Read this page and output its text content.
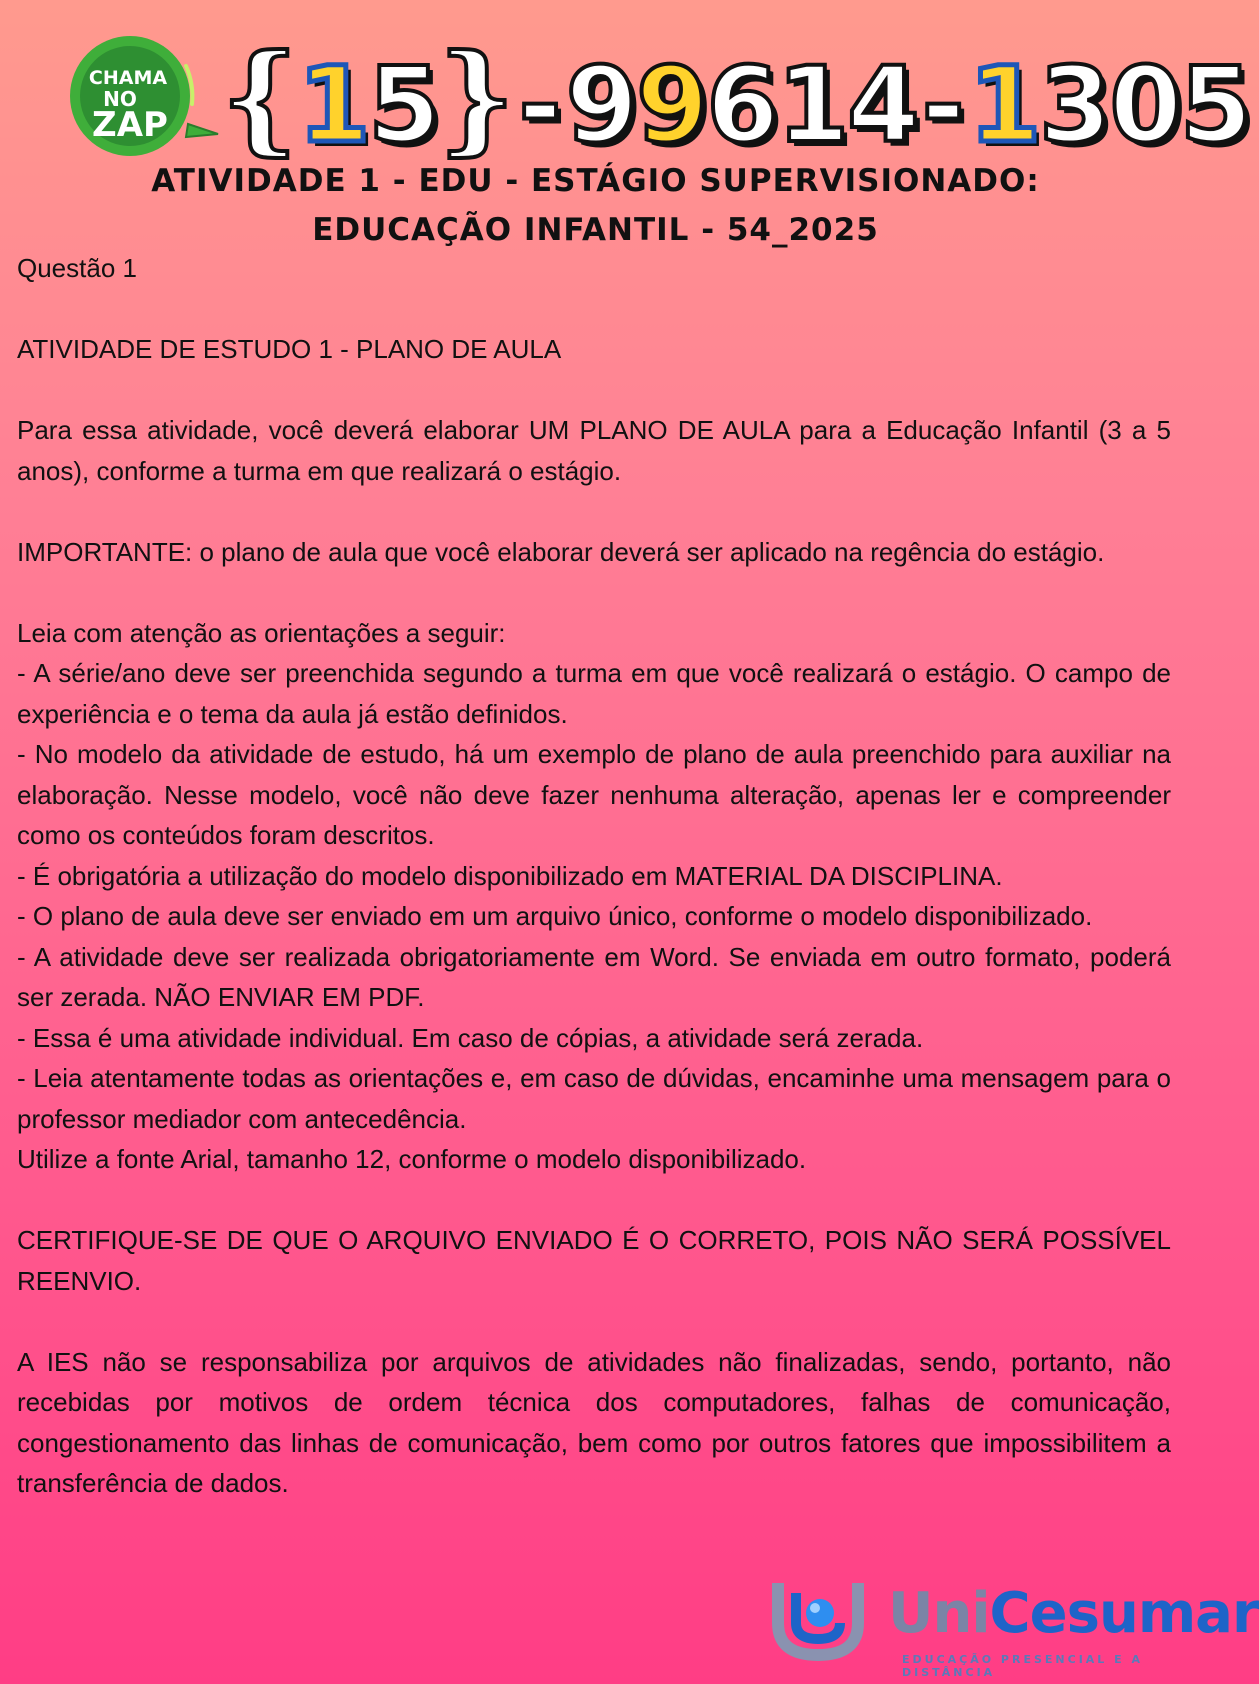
CHAMA
NO
ZAP { 1 5 } - 9 9 6 1 4 - 1 3 0 5
ATIVIDADE 1 - EDU - ESTÁGIO SUPERVISIONADO:
EDUCAÇÃO INFANTIL - 54_2025

Questão 1

ATIVIDADE DE ESTUDO 1 - PLANO DE AULA

Para essa atividade, você deverá elaborar UM PLANO DE AULA para a Educação Infantil (3 a 5 anos), conforme a turma em que realizará o estágio.

IMPORTANTE: o plano de aula que você elaborar deverá ser aplicado na regência do estágio.

Leia com atenção as orientações a seguir:

- A série/ano deve ser preenchida segundo a turma em que você realizará o estágio. O campo de experiência e o tema da aula já estão definidos.

- No modelo da atividade de estudo, há um exemplo de plano de aula preenchido para auxiliar na elaboração. Nesse modelo, você não deve fazer nenhuma alteração, apenas ler e compreender como os conteúdos foram descritos.

- É obrigatória a utilização do modelo disponibilizado em MATERIAL DA DISCIPLINA.

- O plano de aula deve ser enviado em um arquivo único, conforme o modelo disponibilizado.

- A atividade deve ser realizada obrigatoriamente em Word. Se enviada em outro formato, poderá ser zerada. NÃO ENVIAR EM PDF.

- Essa é uma atividade individual. Em caso de cópias, a atividade será zerada.

- Leia atentamente todas as orientações e, em caso de dúvidas, encaminhe uma mensagem para o professor mediador com antecedência.

Utilize a fonte Arial, tamanho 12, conforme o modelo disponibilizado.

CERTIFIQUE-SE DE QUE O ARQUIVO ENVIADO É O CORRETO, POIS NÃO SERÁ POSSÍVEL REENVIO.

A IES não se responsabiliza por arquivos de atividades não finalizadas, sendo, portanto, não recebidas por motivos de ordem técnica dos computadores, falhas de comunicação, congestionamento das linhas de comunicação, bem como por outros fatores que impossibilitem a transferência de dados.

UniCesumar
EDUCAÇÃO PRESENCIAL E A DISTÂNCIA
